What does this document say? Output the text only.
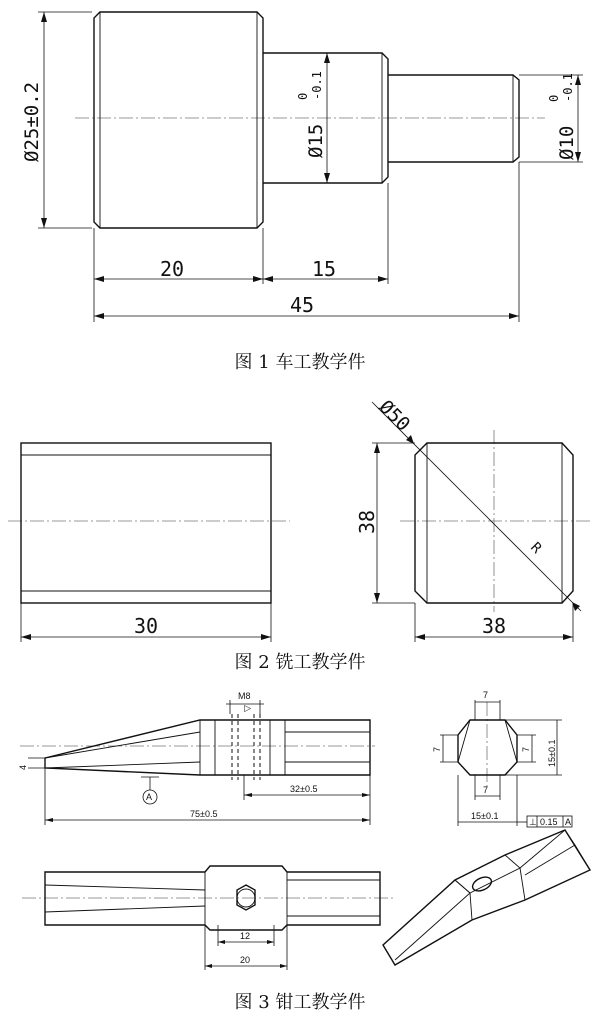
Ø25±0.2	Ø15
0 -0.1
Ø10
0 -0.1
20	15
45
图 1 车工教学件
30
Ø50
R
38
38
图 2 铣工教学件
M8
▽
4
A
32±0.5
75±0.5
7
7
7	7 15±0.1
15±0.1
⊥ 0.15 A
12
20
图 3 钳工教学件
